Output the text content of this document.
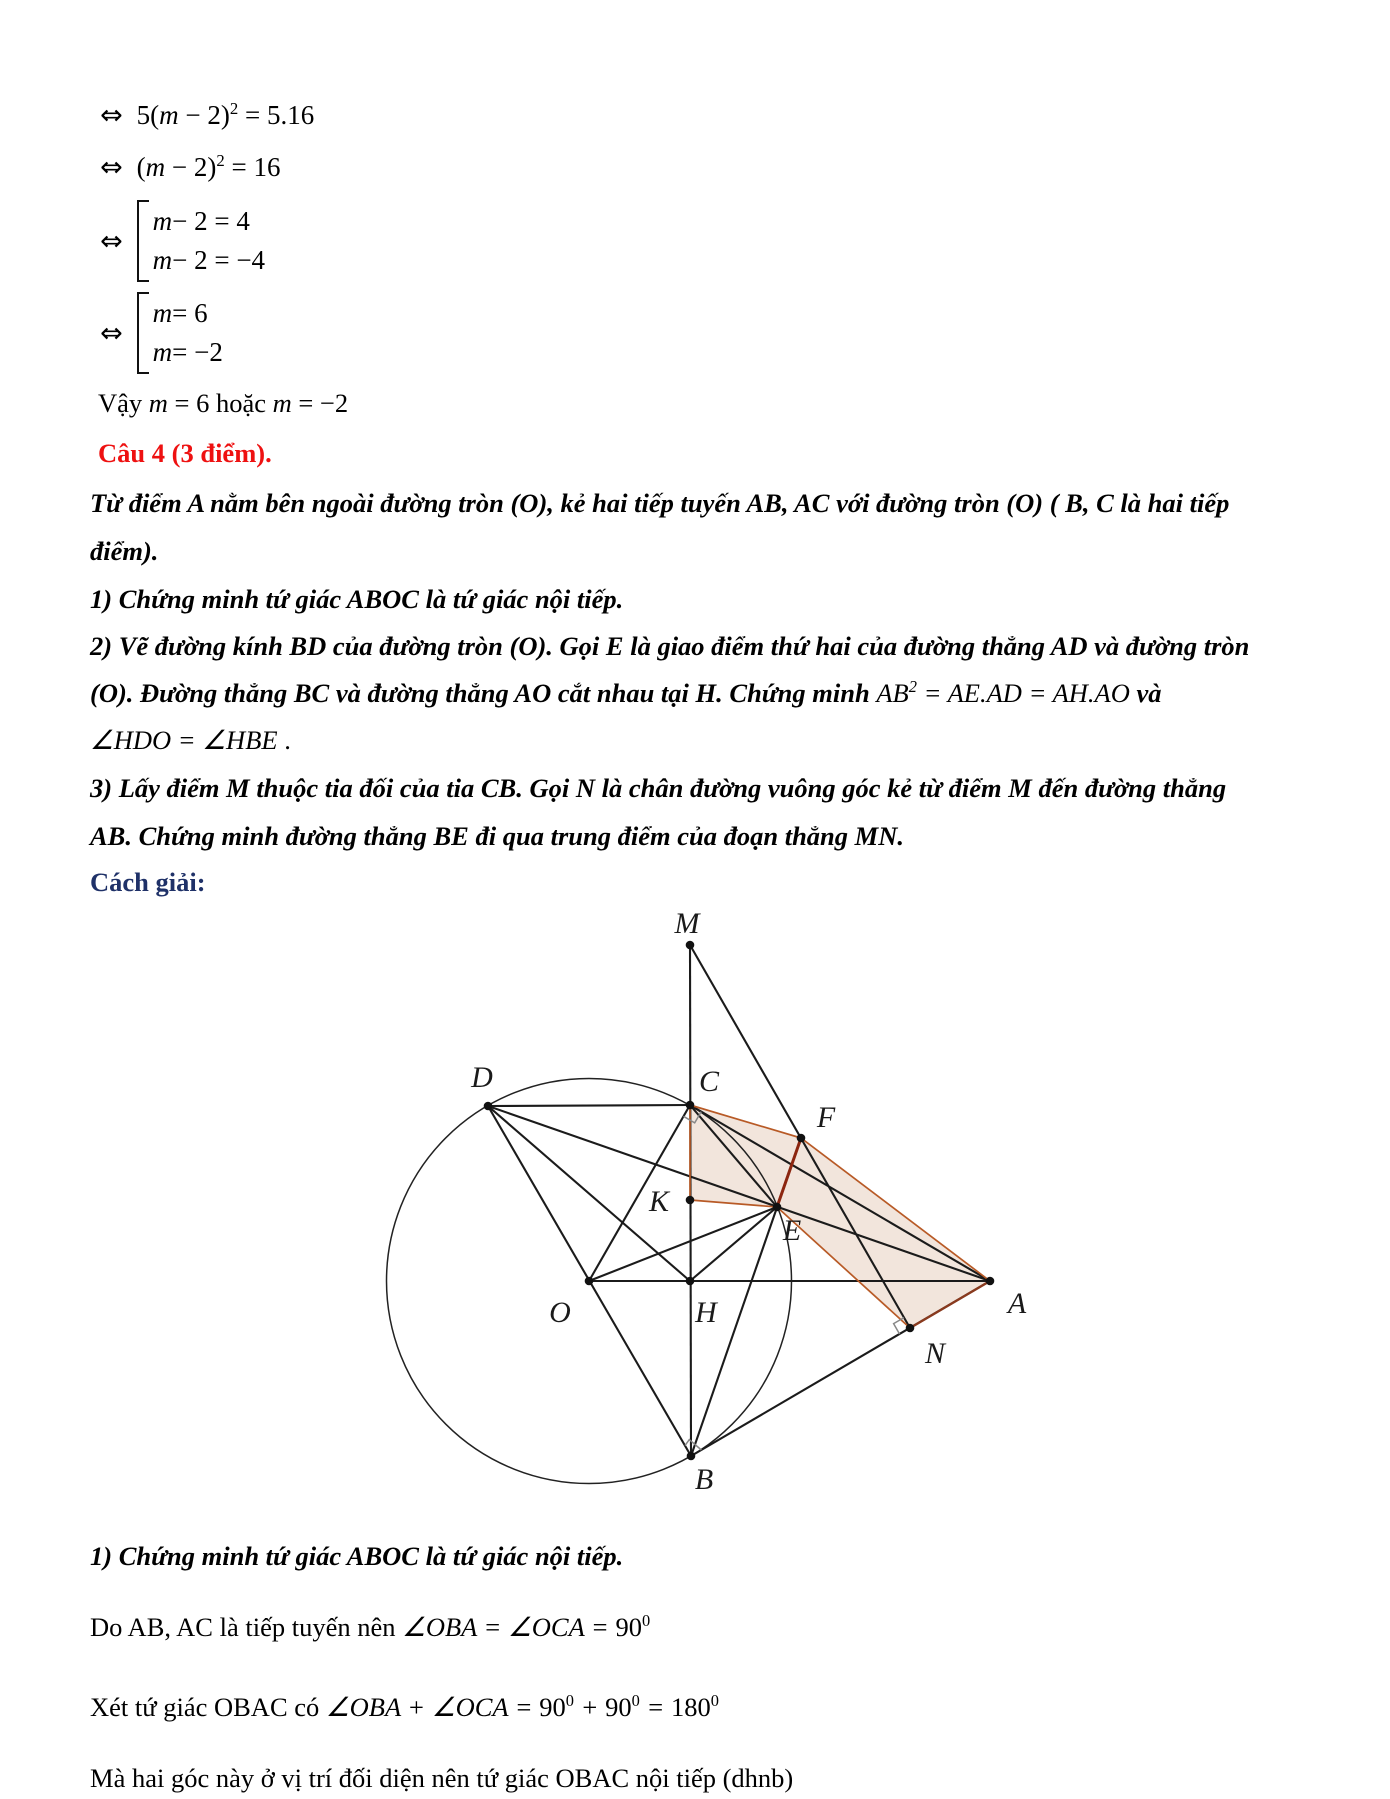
⇔ $5(m - 2)^2 = 5.16$
⇔ $(m - 2)^2 = 16$
⇔
m − 2 = 4
m − 2 = −4
⇔
m = 6
m = −2
Vậy m = 6 hoặc m = −2
Câu 4 (3 điểm).
Từ điểm A nằm bên ngoài đường tròn (O), kẻ hai tiếp tuyến AB, AC với đường tròn (O) ( B, C là hai tiếp
điểm).
1) Chứng minh tứ giác ABOC là tứ giác nội tiếp.
2) Vẽ đường kính BD của đường tròn (O). Gọi E là giao điểm thứ hai của đường thẳng AD và đường tròn
(O). Đường thẳng BC và đường thẳng AO cắt nhau tại H. Chứng minh $AB^2 = AE.AD = AH.AO$ và
∠HDO = ∠HBE .
3) Lấy điểm M thuộc tia đối của tia CB. Gọi N là chân đường vuông góc kẻ từ điểm M đến đường thẳng
AB. Chứng minh đường thẳng BE đi qua trung điểm của đoạn thẳng MN.
Cách giải:
M
D	C
F
K
E
O	H	A
N
B
1) Chứng minh tứ giác ABOC là tứ giác nội tiếp.
Do AB, AC là tiếp tuyến nên ∠OBA = ∠OCA = $90^0$
Xét tứ giác OBAC có ∠OBA + ∠OCA = $90^0 + 90^0 = 180^0$
Mà hai góc này ở vị trí đối diện nên tứ giác OBAC nội tiếp (dhnb)
